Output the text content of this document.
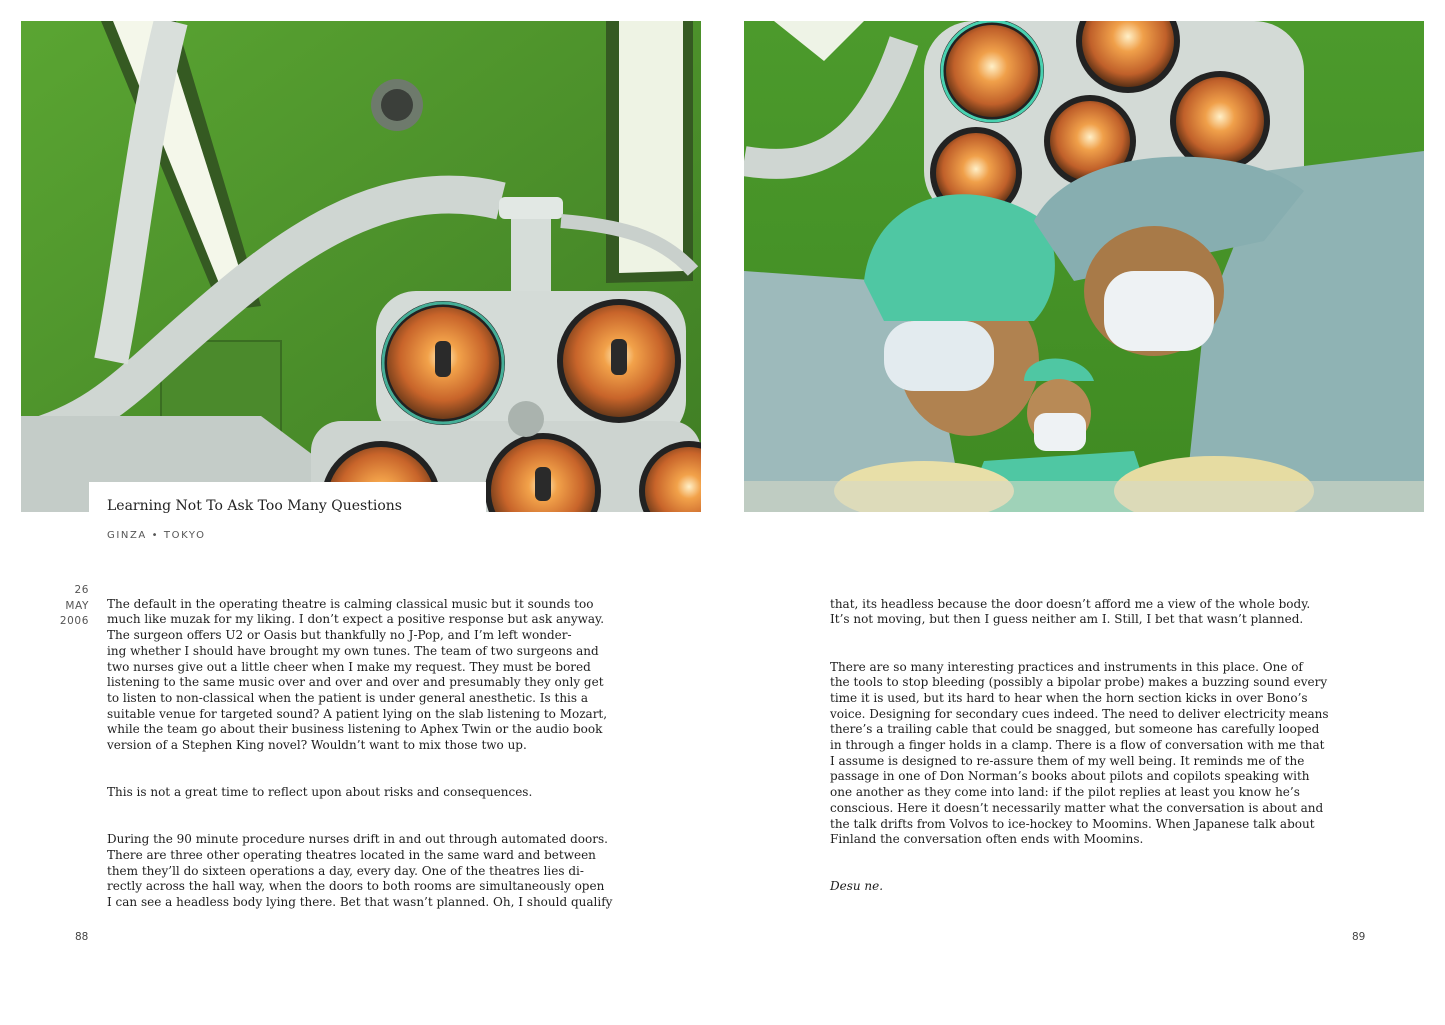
Learning Not To Ask Too Many Questions
GINZA • TOKYO
26
MAY
2006

The default in the operating theatre is calming classical music but it sounds too
much like muzak for my liking. I don’t expect a positive response but ask anyway.
The surgeon offers U2 or Oasis but thankfully no J-Pop, and I’m left wonder-
ing whether I should have brought my own tunes. The team of two surgeons and
two nurses give out a little cheer when I make my request. They must be bored
listening to the same music over and over and over and presumably they only get
to listen to non-classical when the patient is under general anesthetic. Is this a
suitable venue for targeted sound? A patient lying on the slab listening to Mozart,
while the team go about their business listening to Aphex Twin or the audio book
version of a Stephen King novel? Wouldn’t want to mix those two up.

This is not a great time to reflect upon about risks and consequences.

During the 90 minute procedure nurses drift in and out through automated doors.
There are three other operating theatres located in the same ward and between
them they’ll do sixteen operations a day, every day. One of the theatres lies di-
rectly across the hall way, when the doors to both rooms are simultaneously open
I can see a headless body lying there. Bet that wasn’t planned. Oh, I should qualify

that, its headless because the door doesn’t afford me a view of the whole body.
It’s not moving, but then I guess neither am I. Still, I bet that wasn’t planned.

There are so many interesting practices and instruments in this place. One of
the tools to stop bleeding (possibly a bipolar probe) makes a buzzing sound every
time it is used, but its hard to hear when the horn section kicks in over Bono’s
voice. Designing for secondary cues indeed. The need to deliver electricity means
there’s a trailing cable that could be snagged, but someone has carefully looped
in through a finger holds in a clamp. There is a flow of conversation with me that
I assume is designed to re-assure them of my well being. It reminds me of the
passage in one of Don Norman’s books about pilots and copilots speaking with
one another as they come into land: if the pilot replies at least you know he’s
conscious. Here it doesn’t necessarily matter what the conversation is about and
the talk drifts from Volvos to ice-hockey to Moomins. When Japanese talk about
Finland the conversation often ends with Moomins.

Desu ne.

88	89
